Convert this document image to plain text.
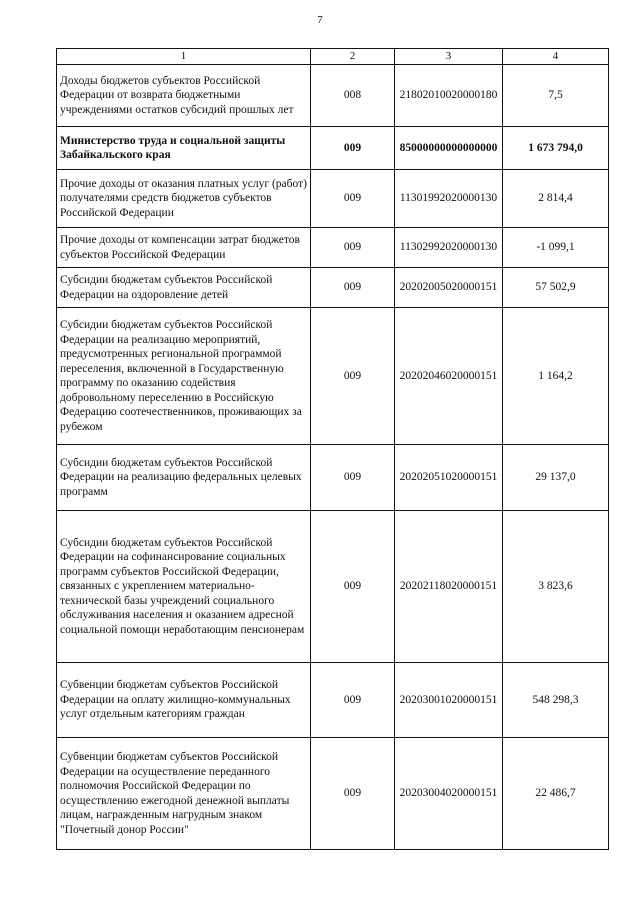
7
1	2	3	4
Доходы бюджетов субъектов Российской Федерации от возврата бюджетными учреждениями остатков субсидий прошлых лет	008	21802010020000180	7,5
Министерство труда и социальной защиты Забайкальского края	009	85000000000000000	1 673 794,0
Прочие доходы от оказания платных услуг (работ) получателями средств бюджетов субъектов Российской Федерации	009	11301992020000130	2 814,4
Прочие доходы от компенсации затрат бюджетов субъектов Российской Федерации	009	11302992020000130	-1 099,1
Субсидии бюджетам субъектов Российской Федерации на оздоровление детей	009	20202005020000151	57 502,9
Субсидии бюджетам субъектов Российской Федерации на реализацию мероприятий, предусмотренных региональной программой переселения, включенной в Государственную программу по оказанию содействия добровольному переселению в Российскую Федерацию соотечественников, проживающих за рубежом	009	20202046020000151	1 164,2
Субсидии бюджетам субъектов Российской Федерации на реализацию федеральных целевых программ	009	20202051020000151	29 137,0
Субсидии бюджетам субъектов Российской Федерации на софинансирование социальных программ субъектов Российской Федерации, связанных с укреплением материально-технической базы учреждений социального обслуживания населения и оказанием адресной социальной помощи неработающим пенсионерам	009	20202118020000151	3 823,6
Субвенции бюджетам субъектов Российской Федерации на оплату жилищно-коммунальных услуг отдельным категориям граждан	009	20203001020000151	548 298,3
Субвенции бюджетам субъектов Российской Федерации на осуществление переданного полномочия Российской Федерации по осуществлению ежегодной денежной выплаты лицам, награжденным нагрудным знаком "Почетный донор России"	009	20203004020000151	22 486,7
